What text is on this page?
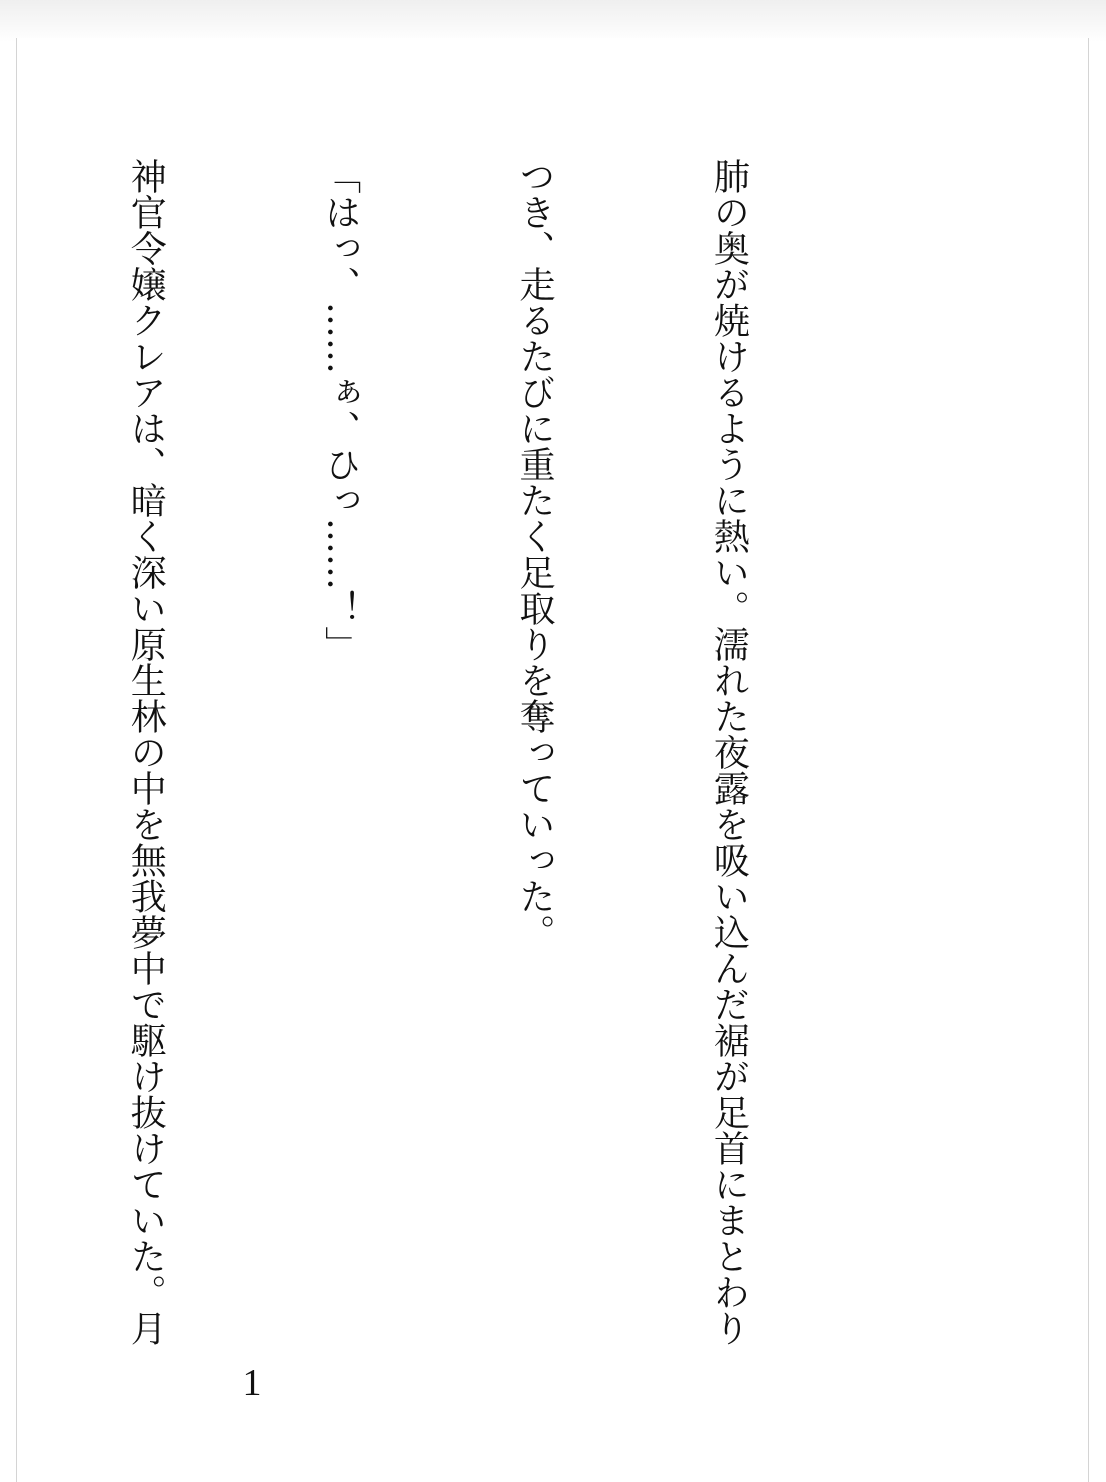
肺の奥が焼けるように熱い。濡れた夜露を吸い込んだ裾が足首にまとわり

つき、走るたびに重たく足取りを奪っていった。

「はっ、……ぁ、ひっ……！」

神官令嬢クレアは、暗く深い原生林の中を無我夢中で駆け抜けていた。月

1
